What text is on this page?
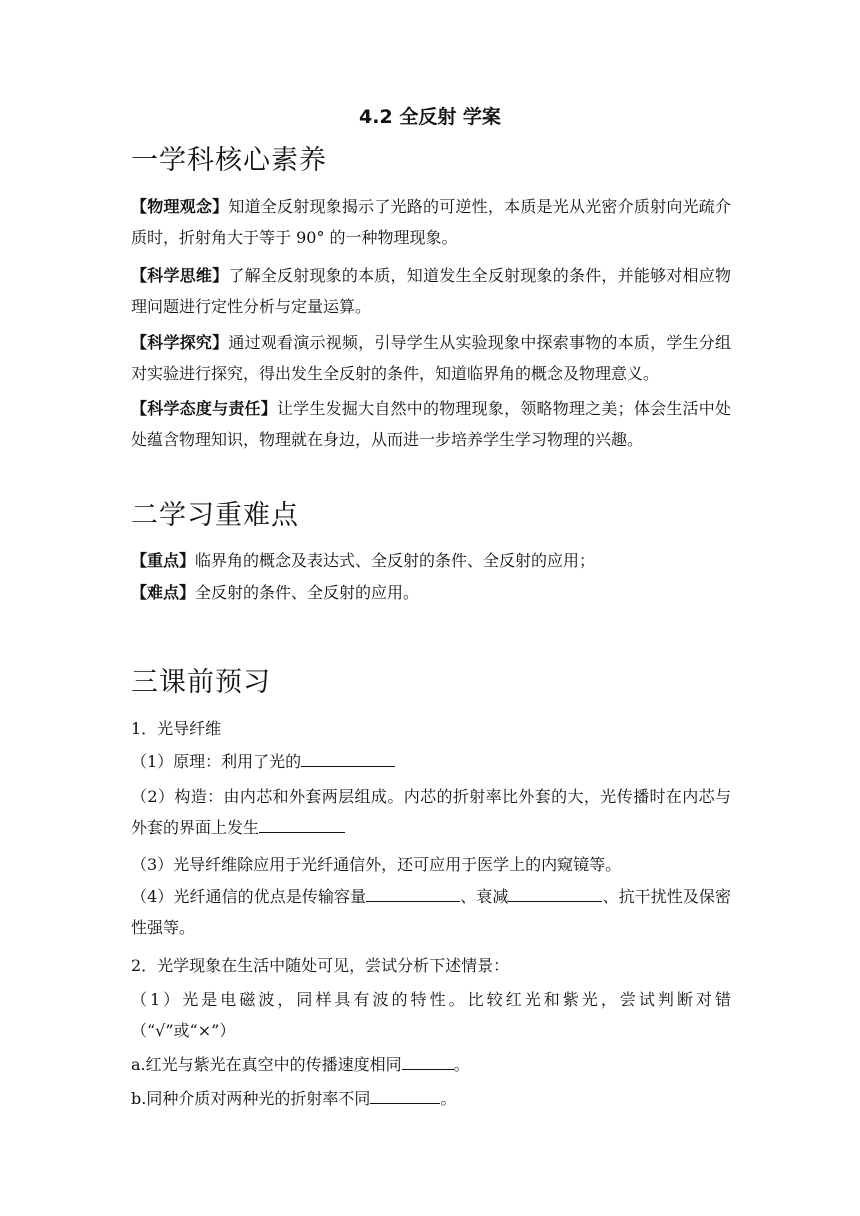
4.2 全反射 学案
一学科核心素养
【物理观念】知道全反射现象揭示了光路的可逆性，本质是光从光密介质射向光疏介质时，折射角大于等于 90° 的一种物理现象。
【科学思维】了解全反射现象的本质，知道发生全反射现象的条件，并能够对相应物理问题进行定性分析与定量运算。
【科学探究】通过观看演示视频，引导学生从实验现象中探索事物的本质，学生分组对实验进行探究，得出发生全反射的条件，知道临界角的概念及物理意义。
【科学态度与责任】让学生发掘大自然中的物理现象，领略物理之美；体会生活中处处蕴含物理知识，物理就在身边，从而进一步培养学生学习物理的兴趣。
二学习重难点
【重点】临界角的概念及表达式、全反射的条件、全反射的应用；
【难点】全反射的条件、全反射的应用。
三课前预习
1．光导纤维
（1）原理：利用了光的
（2）构造：由内芯和外套两层组成。内芯的折射率比外套的大，光传播时在内芯与外套的界面上发生
（3）光导纤维除应用于光纤通信外，还可应用于医学上的内窥镜等。
（4）光纤通信的优点是传输容量	、衰减	、抗干扰性及保密性强等。
2．光学现象在生活中随处可见，尝试分析下述情景：
（1）光是电磁波，同样具有波的特性。比较红光和紫光，尝试判断对错（“√”或“×”）
a.红光与紫光在真空中的传播速度相同	。
b.同种介质对两种光的折射率不同	。
